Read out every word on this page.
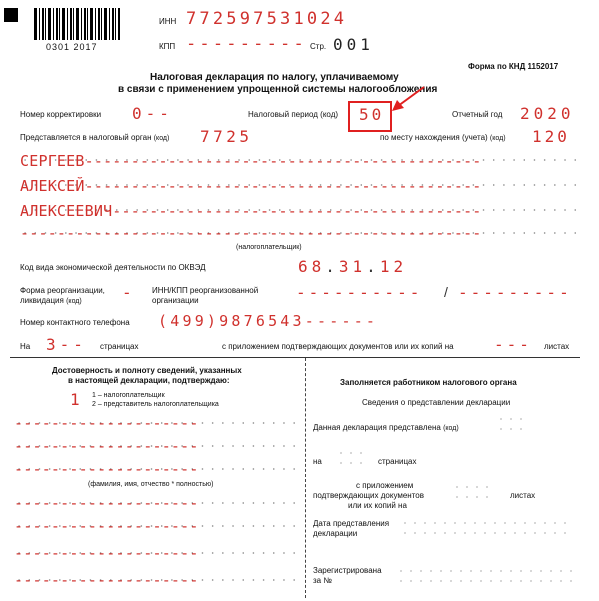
0301 2017
ИНН 772597531024
КПП --------- Стр. 001
Форма по КНД 1152017
Налоговая декларация по налогу, уплачиваемому
в связи с применением упрощенной системы налогообложения
Номер корректировки 0--	Налоговый период (код) 50	Отчетный год 2020
Представляется в налоговый орган (код) 7725	по месту нахождения (учета) (код) 120
СЕРГЕЕВ-------------------------------------------
АЛЕКСЕЙ-------------------------------------------
АЛЕКСЕЕВИЧ----------------------------------------
--------------------------------------------------
(налогоплательщик)
Код вида экономической деятельности по ОКВЭД	68.31.12
Форма реорганизации,
ликвидация (код)	-	ИНН/КПП реорганизованной
организации	---------- / ---------
Номер контактного телефона (499)9876543------
На 3-- страницах	с приложением подтверждающих документов или их копий на	--- листах
Достоверность и полноту сведений, указанных
в настоящей декларации, подтверждаю:
1 1 – налогоплательщик
2 – представитель налогоплательщика
--------------------
--------------------
--------------------
(фамилия, имя, отчество * полностью)
--------------------
--------------------
--------------------
--------------------
Заполняется работником налогового органа
Сведения о представлении декларации
Данная декларация представлена (код)
на	страницах
с приложением
подтверждающих документов
или их копий на
листах
Дата представления
декларации
Зарегистрирована
за №
